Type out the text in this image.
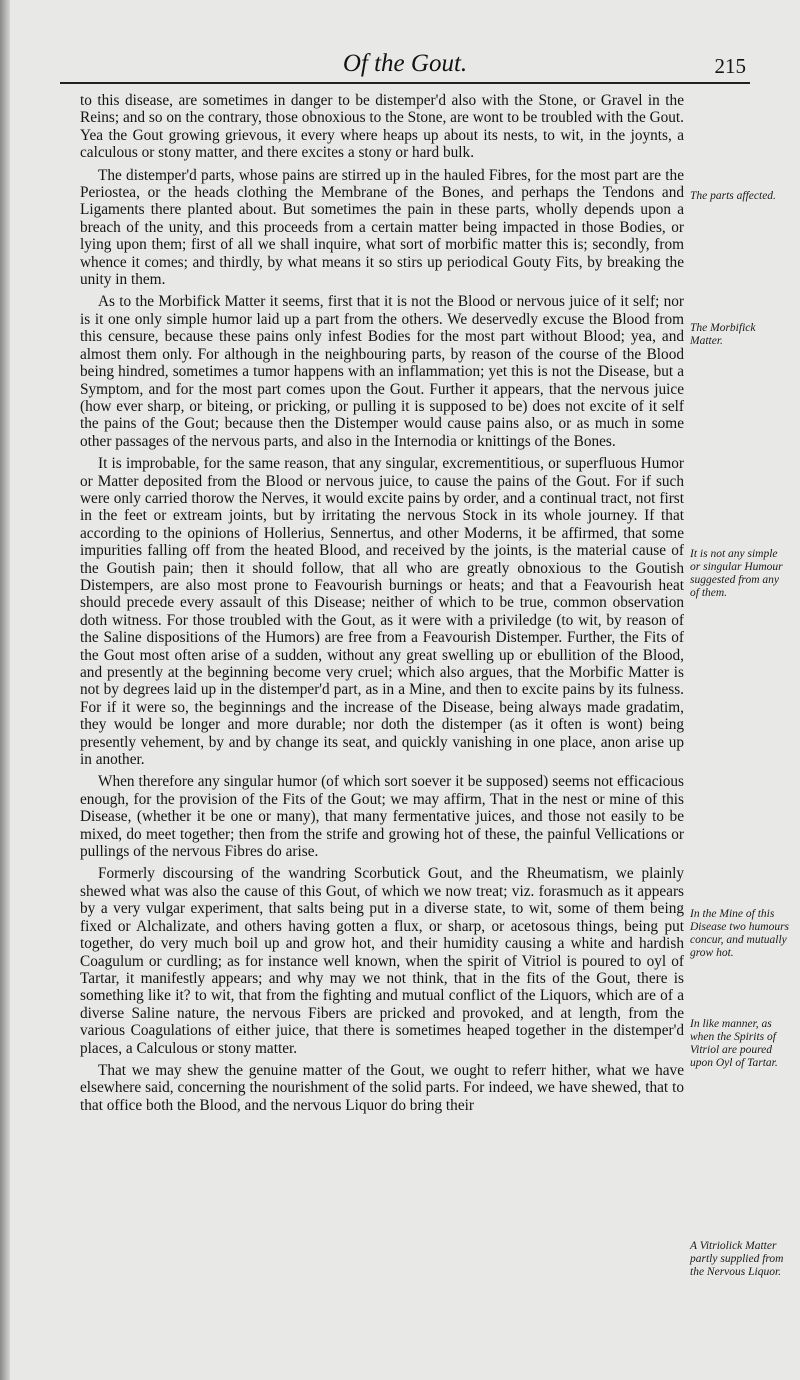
Of the Gout.	215

to this disease, are sometimes in danger to be distemper'd also with the Stone, or Gravel in the Reins; and so on the contrary, those obnoxious to the Stone, are wont to be troubled with the Gout. Yea the Gout growing grievous, it every where heaps up about its nests, to wit, in the joynts, a calculous or stony matter, and there excites a stony or hard bulk.

The distemper'd parts, whose pains are stirred up in the hauled Fibres, for the most part are the Periostea, or the heads clothing the Membrane of the Bones, and perhaps the Tendons and Ligaments there planted about. But sometimes the pain in these parts, wholly depends upon a breach of the unity, and this proceeds from a certain matter being impacted in those Bodies, or lying upon them; first of all we shall inquire, what sort of morbific matter this is; secondly, from whence it comes; and thirdly, by what means it so stirs up periodical Gouty Fits, by breaking the unity in them.

As to the Morbifick Matter it seems, first that it is not the Blood or nervous juice of it self; nor is it one only simple humor laid up a part from the others. We deservedly excuse the Blood from this censure, because these pains only infest Bodies for the most part without Blood; yea, and almost them only. For although in the neighbouring parts, by reason of the course of the Blood being hindred, sometimes a tumor happens with an inflammation; yet this is not the Disease, but a Symptom, and for the most part comes upon the Gout. Further it appears, that the nervous juice (how ever sharp, or biteing, or pricking, or pulling it is supposed to be) does not excite of it self the pains of the Gout; because then the Distemper would cause pains also, or as much in some other passages of the nervous parts, and also in the Internodia or knittings of the Bones.

It is improbable, for the same reason, that any singular, excrementitious, or superfluous Humor or Matter deposited from the Blood or nervous juice, to cause the pains of the Gout. For if such were only carried thorow the Nerves, it would excite pains by order, and a continual tract, not first in the feet or extream joints, but by irritating the nervous Stock in its whole journey. If that according to the opinions of Hollerius, Sennertus, and other Moderns, it be affirmed, that some impurities falling off from the heated Blood, and received by the joints, is the material cause of the Goutish pain; then it should follow, that all who are greatly obnoxious to the Goutish Distempers, are also most prone to Feavourish burnings or heats; and that a Feavourish heat should precede every assault of this Disease; neither of which to be true, common observation doth witness. For those troubled with the Gout, as it were with a priviledge (to wit, by reason of the Saline dispositions of the Humors) are free from a Feavourish Distemper. Further, the Fits of the Gout most often arise of a sudden, without any great swelling up or ebullition of the Blood, and presently at the beginning become very cruel; which also argues, that the Morbific Matter is not by degrees laid up in the distemper'd part, as in a Mine, and then to excite pains by its fulness. For if it were so, the beginnings and the increase of the Disease, being always made gradatim, they would be longer and more durable; nor doth the distemper (as it often is wont) being presently vehement, by and by change its seat, and quickly vanishing in one place, anon arise up in another.

When therefore any singular humor (of which sort soever it be supposed) seems not efficacious enough, for the provision of the Fits of the Gout; we may affirm, That in the nest or mine of this Disease, (whether it be one or many), that many fermentative juices, and those not easily to be mixed, do meet together; then from the strife and growing hot of these, the painful Vellications or pullings of the nervous Fibres do arise.

Formerly discoursing of the wandring Scorbutick Gout, and the Rheumatism, we plainly shewed what was also the cause of this Gout, of which we now treat; viz. forasmuch as it appears by a very vulgar experiment, that salts being put in a diverse state, to wit, some of them being fixed or Alchalizate, and others having gotten a flux, or sharp, or acetosous things, being put together, do very much boil up and grow hot, and their humidity causing a white and hardish Coagulum or curdling; as for instance well known, when the spirit of Vitriol is poured to oyl of Tartar, it manifestly appears; and why may we not think, that in the fits of the Gout, there is something like it? to wit, that from the fighting and mutual conflict of the Liquors, which are of a diverse Saline nature, the nervous Fibers are pricked and provoked, and at length, from the various Coagulations of either juice, that there is sometimes heaped together in the distemper'd places, a Calculous or stony matter.

That we may shew the genuine matter of the Gout, we ought to referr hither, what we have elsewhere said, concerning the nourishment of the solid parts. For indeed, we have shewed, that to that office both the Blood, and the nervous Liquor do bring their

The parts affected.
The Morbifick Matter.
It is not any simple or singular Humour suggested from any of them.
In the Mine of this Disease two humours concur, and mutually grow hot.
In like manner, as when the Spirits of Vitriol are poured upon Oyl of Tartar.
A Vitriolick Matter partly supplied from the Nervous Liquor.
